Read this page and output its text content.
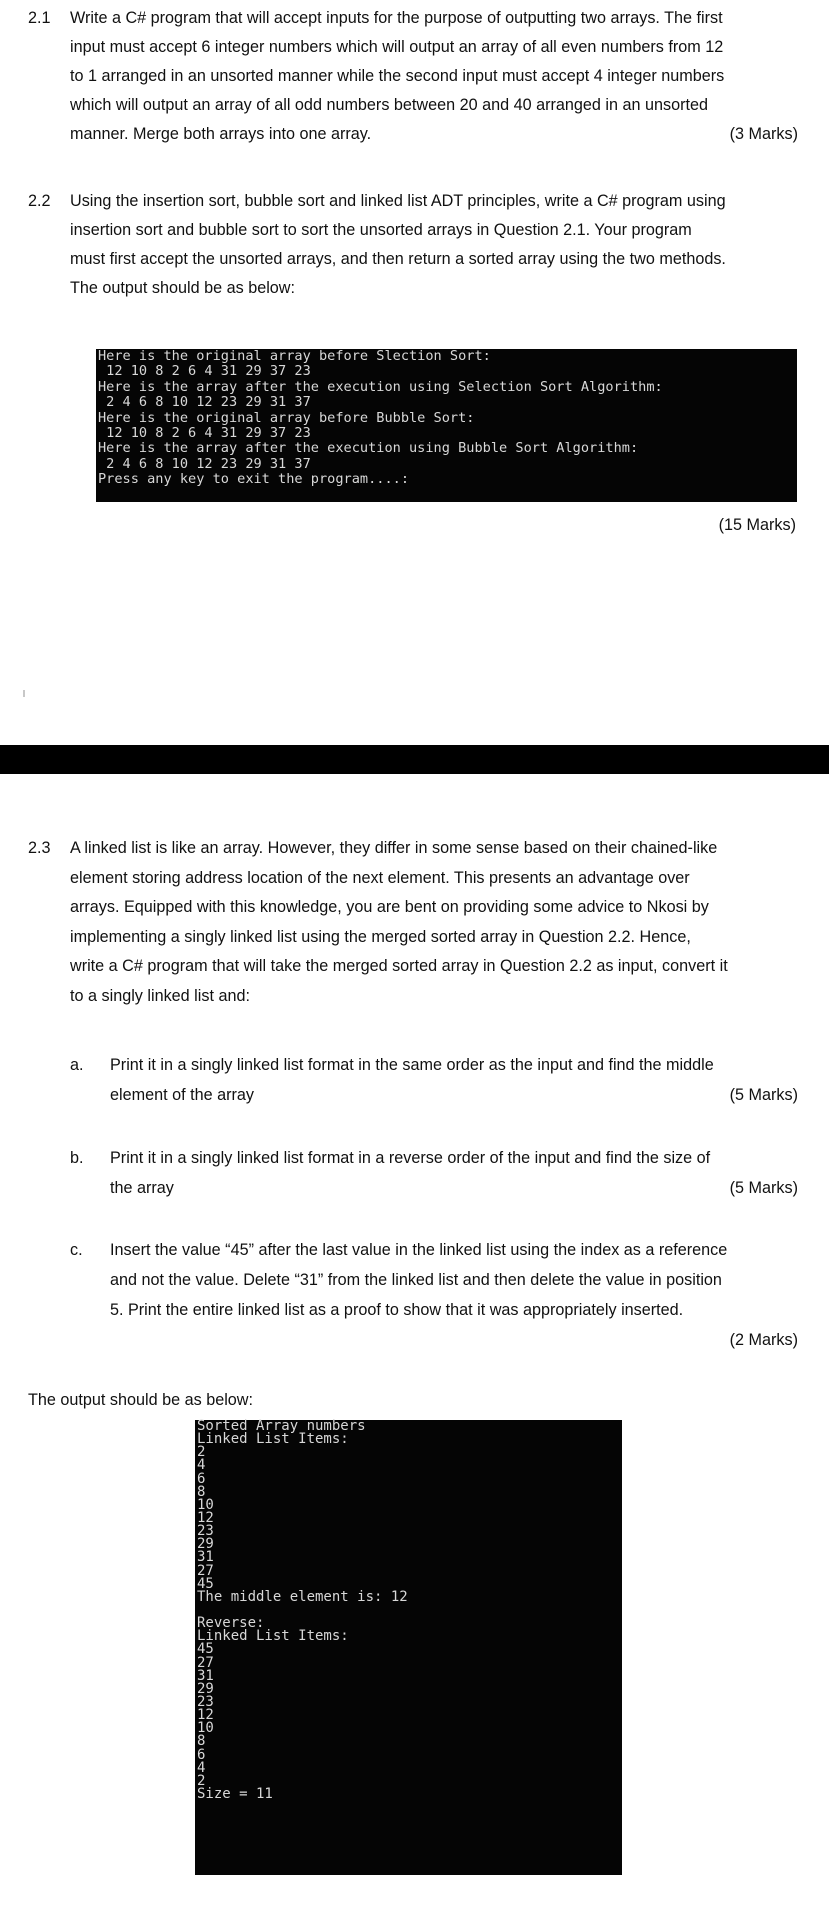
2.1 Write a C# program that will accept inputs for the purpose of outputting two arrays. The first
input must accept 6 integer numbers which will output an array of all even numbers from 12
to 1 arranged in an unsorted manner while the second input must accept 4 integer numbers
which will output an array of all odd numbers between 20 and 40 arranged in an unsorted
manner. Merge both arrays into one array.	(3 Marks)
2.2 Using the insertion sort, bubble sort and linked list ADT principles, write a C# program using
insertion sort and bubble sort to sort the unsorted arrays in Question 2.1. Your program
must first accept the unsorted arrays, and then return a sorted array using the two methods.
The output should be as below:
Here is the original array before Slection Sort:
12 10 8 2 6 4 31 29 37 23
Here is the array after the execution using Selection Sort Algorithm:
2 4 6 8 10 12 23 29 31 37
Here is the original array before Bubble Sort:
12 10 8 2 6 4 31 29 37 23
Here is the array after the execution using Bubble Sort Algorithm:
2 4 6 8 10 12 23 29 31 37
Press any key to exit the program....:
(15 Marks)
2.3 A linked list is like an array. However, they differ in some sense based on their chained-like
element storing address location of the next element. This presents an advantage over
arrays. Equipped with this knowledge, you are bent on providing some advice to Nkosi by
implementing a singly linked list using the merged sorted array in Question 2.2. Hence,
write a C# program that will take the merged sorted array in Question 2.2 as input, convert it
to a singly linked list and:
a. Print it in a singly linked list format in the same order as the input and find the middle
element of the array	(5 Marks)
b. Print it in a singly linked list format in a reverse order of the input and find the size of
the array	(5 Marks)
c. Insert the value “45” after the last value in the linked list using the index as a reference
and not the value. Delete “31” from the linked list and then delete the value in position
5. Print the entire linked list as a proof to show that it was appropriately inserted.
(2 Marks)
The output should be as below:
Sorted Array numbers
Linked List Items:
2
4
6
8
10
12
23
29
31
27
45
The middle element is: 12
Reverse:
Linked List Items:
45
27
31
29
23
12
10
8
6
4
2
Size = 11
